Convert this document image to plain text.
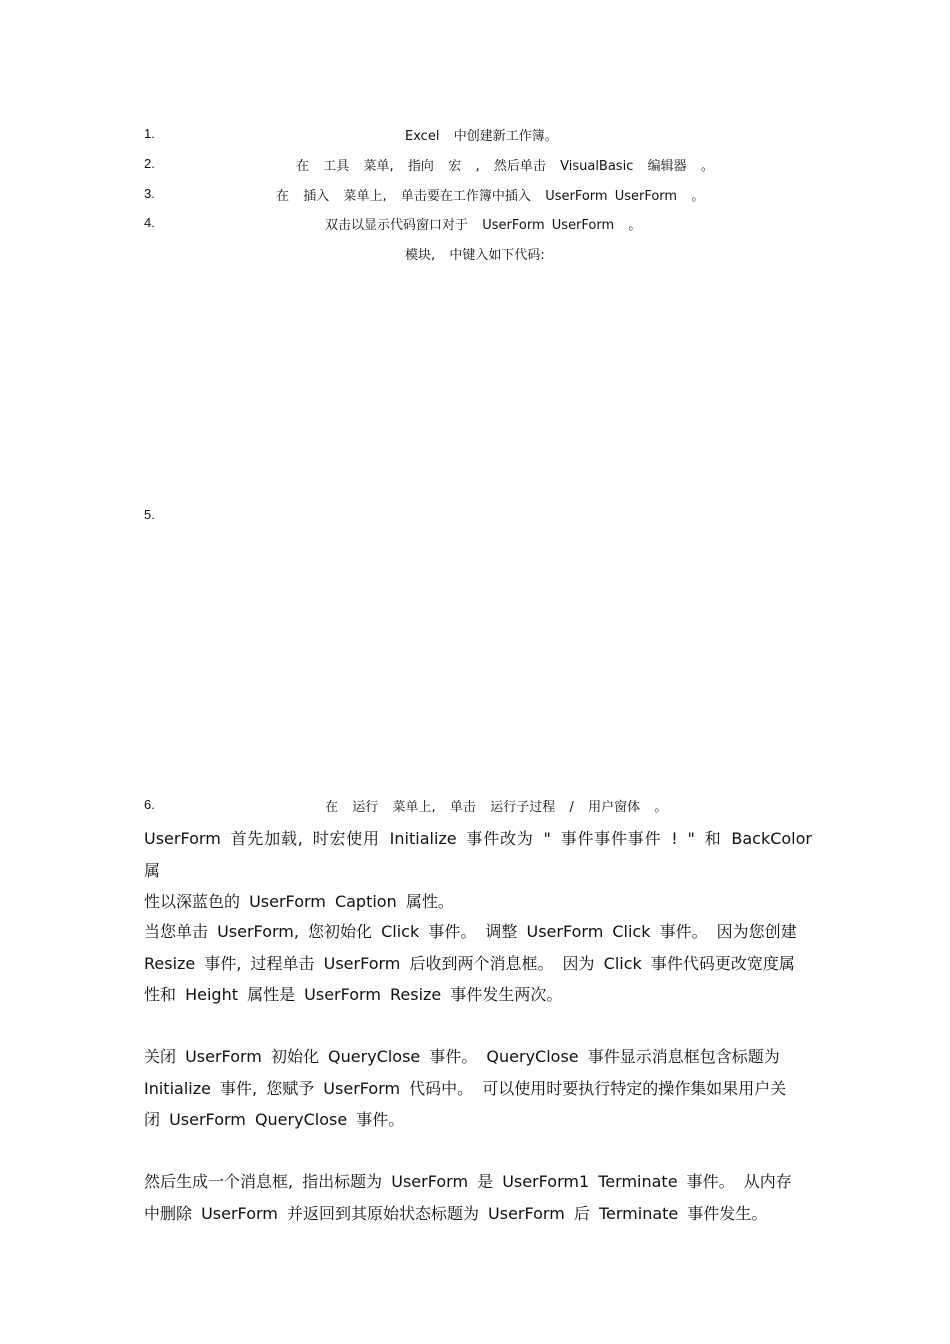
1.	Excel  中创建新工作簿。
2.	在  工具  菜单,  指向  宏  ,  然后单击  VisualBasic  编辑器  。
3.	在  插入  菜单上,  单击要在工作簿中插入  UserForm UserForm  。
4.	双击以显示代码窗口对于  UserForm UserForm  。
模块,  中键入如下代码:
5.
6.	在  运行  菜单上,  单击  运行子过程  /  用户窗体  。

UserForm 首先加载, 时宏使用 Initialize 事件改为 " 事件事件事件 ! " 和 BackColor 属

性以深蓝色的 UserForm Caption 属性。

当您单击 UserForm, 您初始化 Click 事件。 调整 UserForm Click 事件。 因为您创建

Resize 事件, 过程单击 UserForm 后收到两个消息框。 因为 Click 事件代码更改宽度属

性和 Height 属性是 UserForm Resize 事件发生两次。

关闭 UserForm 初始化 QueryClose 事件。 QueryClose 事件显示消息框包含标题为

Initialize 事件, 您赋予 UserForm 代码中。 可以使用时要执行特定的操作集如果用户关

闭 UserForm QueryClose 事件。

然后生成一个消息框, 指出标题为 UserForm 是 UserForm1 Terminate 事件。 从内存

中删除 UserForm 并返回到其原始状态标题为 UserForm 后 Terminate 事件发生。
